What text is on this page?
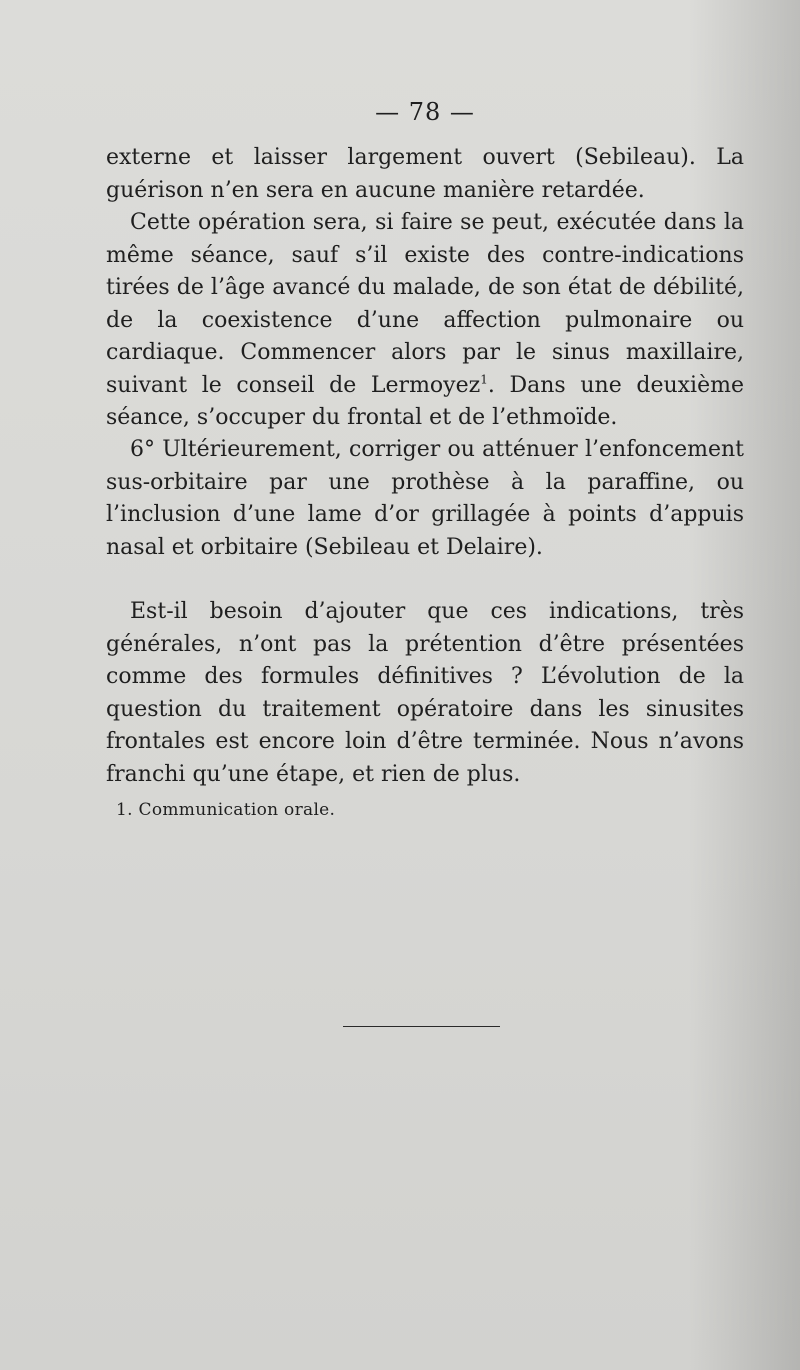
— 78 —

externe et laisser largement ouvert (Sebileau). La guérison n’en sera en aucune manière retardée.

Cette opération sera, si faire se peut, exécutée dans la même séance, sauf s’il existe des contre-indications tirées de l’âge avancé du malade, de son état de débilité, de la coexistence d’une affection pulmonaire ou cardiaque. Commencer alors par le sinus maxillaire, suivant le conseil de Lermoyez$^1$. Dans une deuxième séance, s’occuper du frontal et de l’ethmoïde.

6° Ultérieurement, corriger ou atténuer l’enfoncement sus-orbitaire par une prothèse à la paraffine, ou l’inclusion d’une lame d’or grillagée à points d’appuis nasal et orbitaire (Sebileau et Delaire).

Est-il besoin d’ajouter que ces indications, très générales, n’ont pas la prétention d’être présentées comme des formules définitives ? L’évolution de la question du traitement opératoire dans les sinusites frontales est encore loin d’être terminée. Nous n’avons franchi qu’une étape, et rien de plus.

1. Communication orale.
